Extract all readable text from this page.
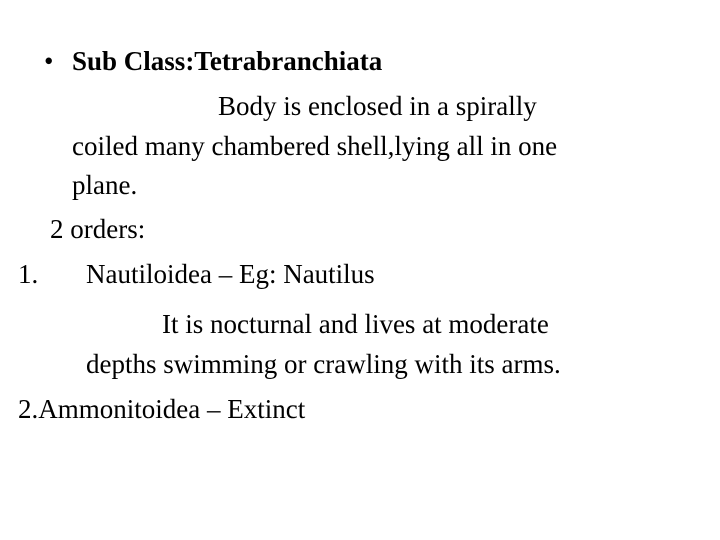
• Sub Class:Tetrabranchiata
Body is enclosed in a spirally
coiled many chambered shell,lying all in one
plane.
2 orders:
1. Nautiloidea – Eg: Nautilus
It is nocturnal and lives at moderate
depths swimming or crawling with its arms.
2.Ammonitoidea – Extinct
